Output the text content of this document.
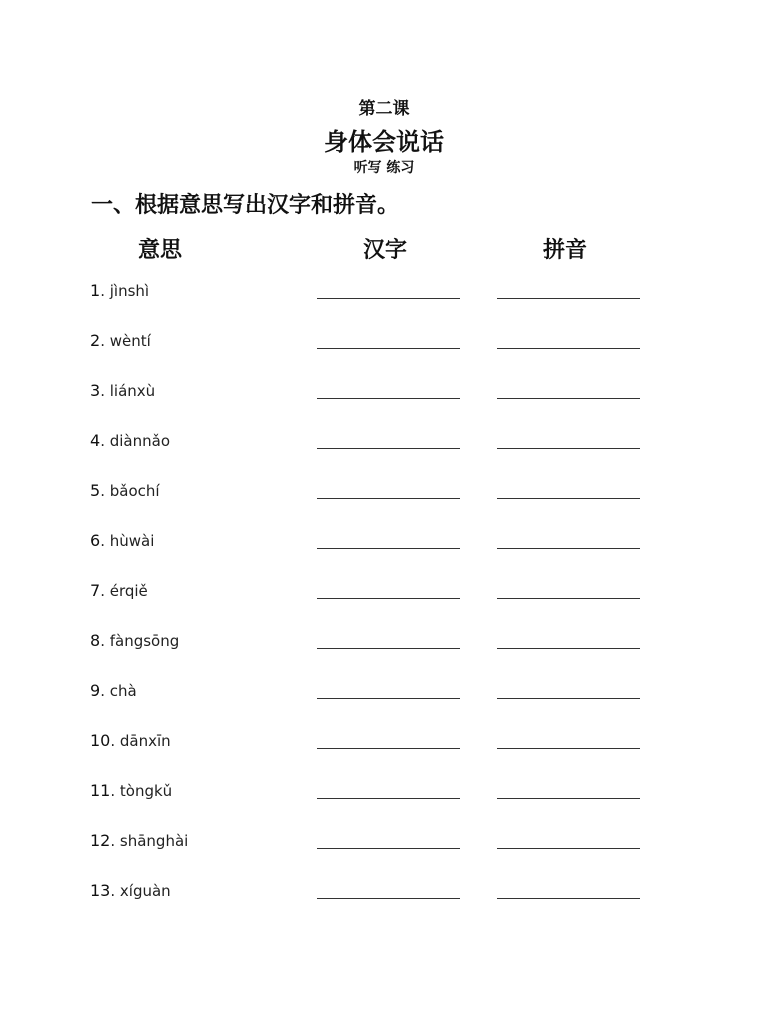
第二课
身体会说话
听写 练习
一、根据意思写出汉字和拼音。
意思	汉字	拼音
1. jìnshì
2. wèntí
3. liánxù
4. diànnǎo
5. bǎochí
6. hùwài
7. érqiě
8. fàngsōng
9. chà
10. dānxīn
11. tòngkǔ
12. shānghài
13. xíguàn
